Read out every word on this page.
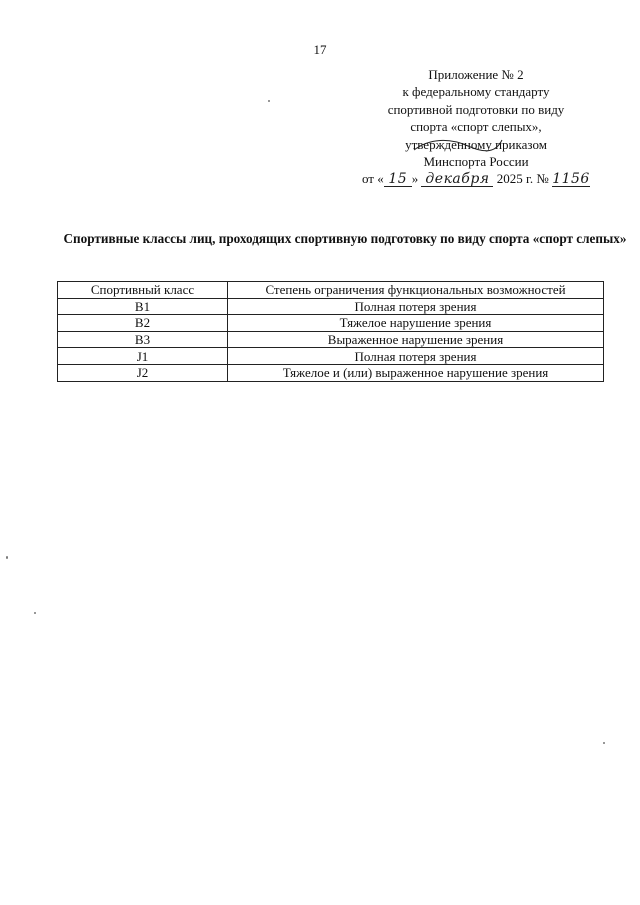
17
Приложение № 2
к федеральному стандарту
спортивной подготовки по виду
спорта «спорт слепых»,
утвержденному приказом
Минспорта России
от « 15 » декабря 2025 г. № 1156
Спортивные классы лиц, проходящих спортивную подготовку по виду спорта «спорт слепых»
Спортивный класс	Степень ограничения функциональных возможностей
B1	Полная потеря зрения
B2	Тяжелое нарушение зрения
B3	Выраженное нарушение зрения
J1	Полная потеря зрения
J2	Тяжелое и (или) выраженное нарушение зрения
